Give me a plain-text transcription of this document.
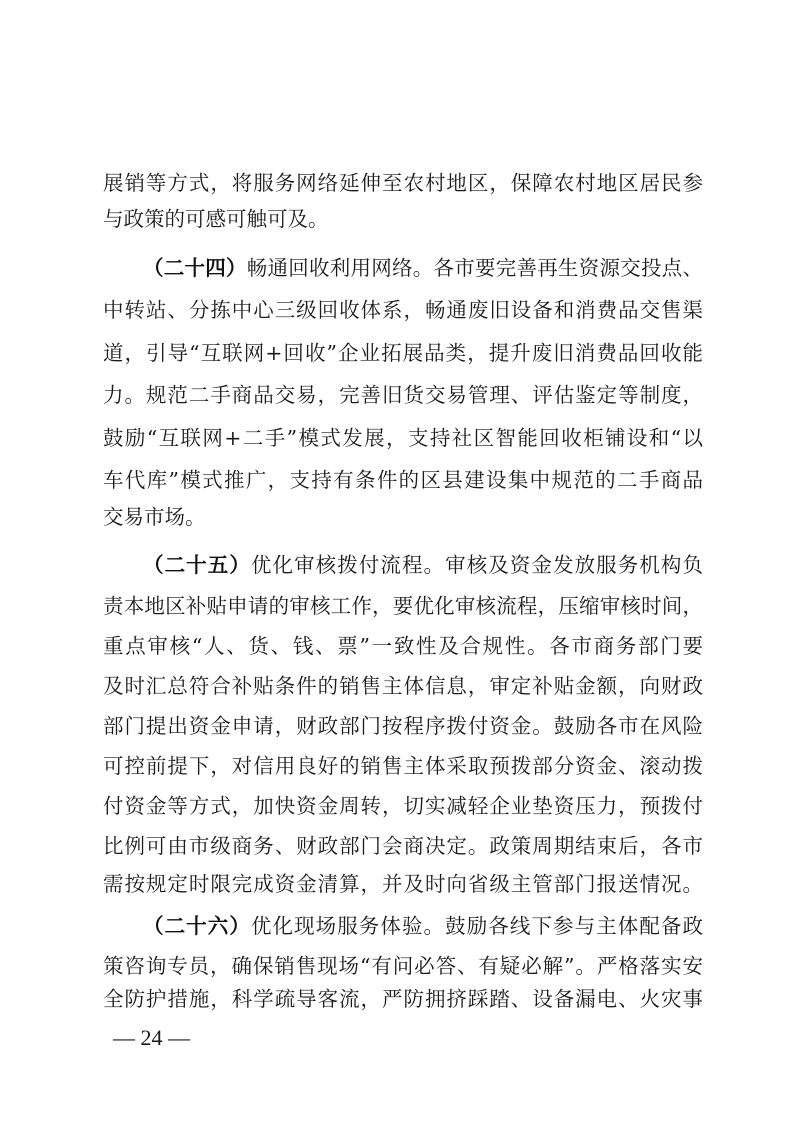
展销等方式，将服务网络延伸至农村地区，保障农村地区居民参
与政策的可感可触可及。
（二十四）畅通回收利用网络。各市要完善再生资源交投点、
中转站、分拣中心三级回收体系，畅通废旧设备和消费品交售渠
道，引导“互联网+回收”企业拓展品类，提升废旧消费品回收能
力。规范二手商品交易，完善旧货交易管理、评估鉴定等制度，
鼓励“互联网+二手”模式发展，支持社区智能回收柜铺设和“以
车代库”模式推广，支持有条件的区县建设集中规范的二手商品
交易市场。
（二十五）优化审核拨付流程。审核及资金发放服务机构负
责本地区补贴申请的审核工作，要优化审核流程，压缩审核时间，
重点审核“人、货、钱、票”一致性及合规性。各市商务部门要
及时汇总符合补贴条件的销售主体信息，审定补贴金额，向财政
部门提出资金申请，财政部门按程序拨付资金。鼓励各市在风险
可控前提下，对信用良好的销售主体采取预拨部分资金、滚动拨
付资金等方式，加快资金周转，切实减轻企业垫资压力，预拨付
比例可由市级商务、财政部门会商决定。政策周期结束后，各市
需按规定时限完成资金清算，并及时向省级主管部门报送情况。
（二十六）优化现场服务体验。鼓励各线下参与主体配备政
策咨询专员，确保销售现场“有问必答、有疑必解”。严格落实安
全防护措施，科学疏导客流，严防拥挤踩踏、设备漏电、火灾事
— 24 —
